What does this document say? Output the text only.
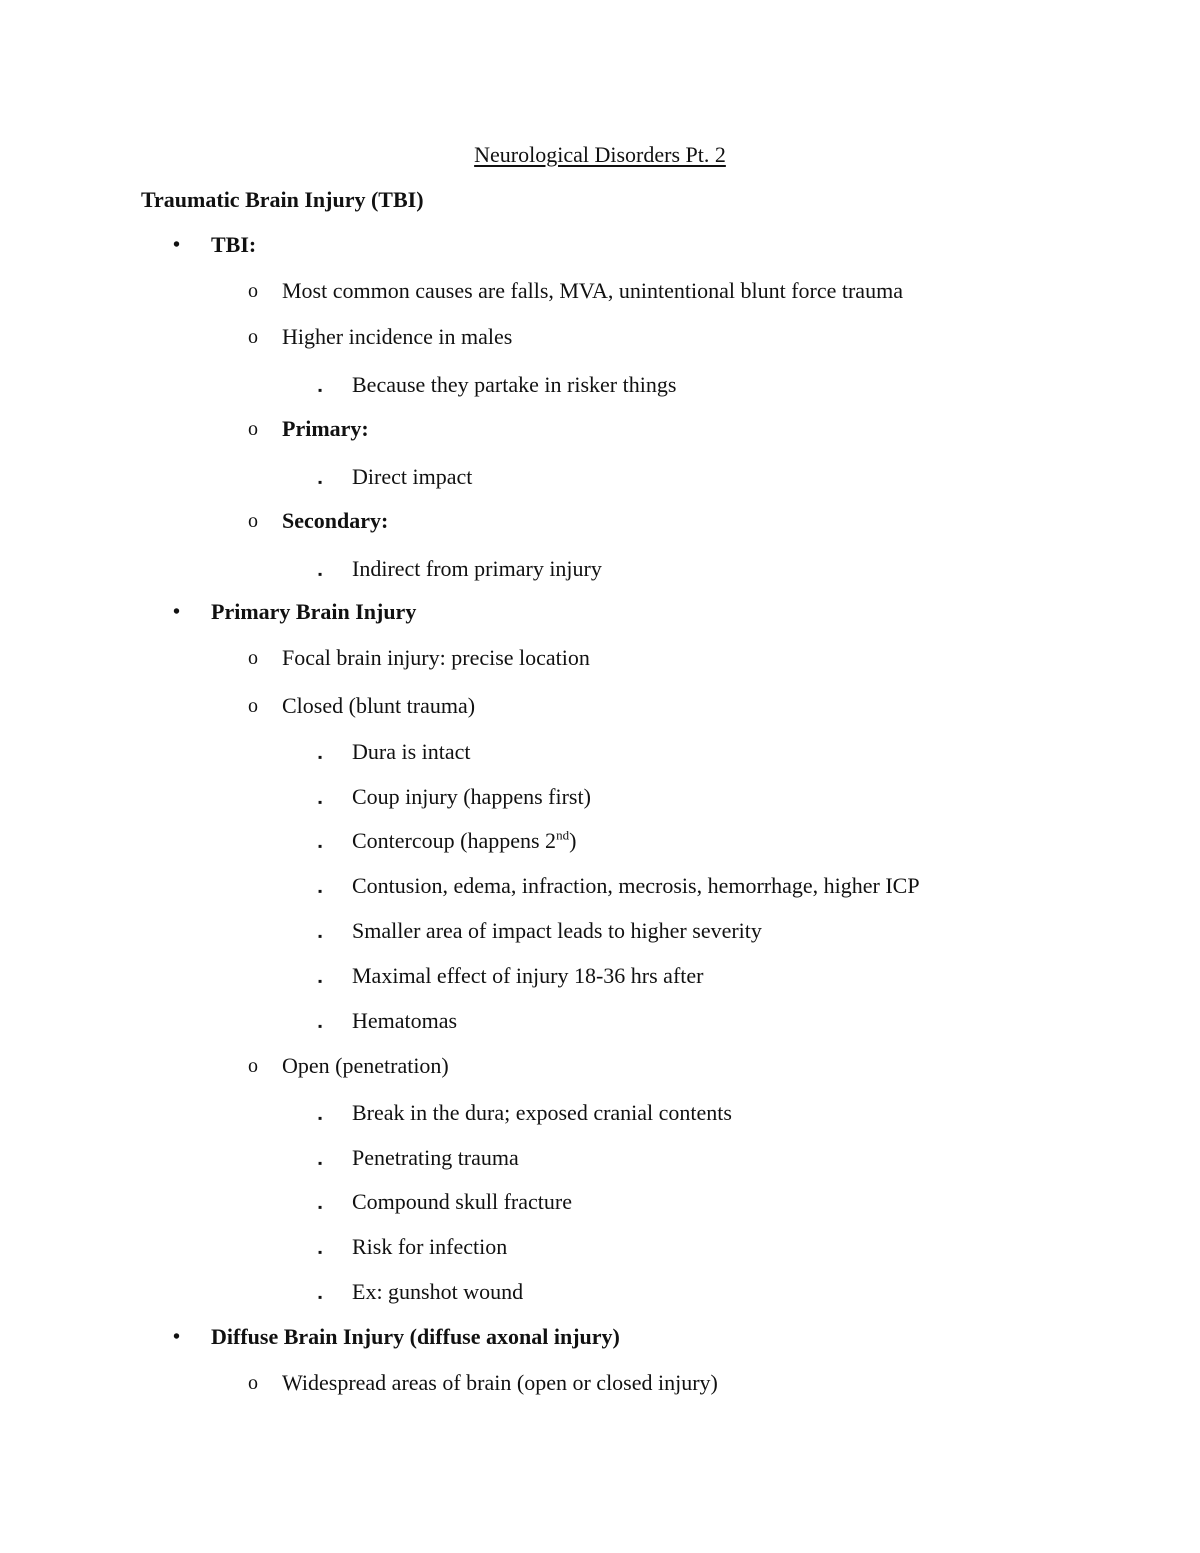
Neurological Disorders Pt. 2
Traumatic Brain Injury (TBI)
• TBI:
o Most common causes are falls, MVA, unintentional blunt force trauma
o Higher incidence in males
▪ Because they partake in risker things
o Primary:
▪ Direct impact
o Secondary:
▪ Indirect from primary injury
• Primary Brain Injury
o Focal brain injury: precise location
o Closed (blunt trauma)
▪ Dura is intact
▪ Coup injury (happens first)
▪ Contercoup (happens 2nd)
▪ Contusion, edema, infraction, mecrosis, hemorrhage, higher ICP
▪ Smaller area of impact leads to higher severity
▪ Maximal effect of injury 18-36 hrs after
▪ Hematomas
o Open (penetration)
▪ Break in the dura; exposed cranial contents
▪ Penetrating trauma
▪ Compound skull fracture
▪ Risk for infection
▪ Ex: gunshot wound
• Diffuse Brain Injury (diffuse axonal injury)
o Widespread areas of brain (open or closed injury)
